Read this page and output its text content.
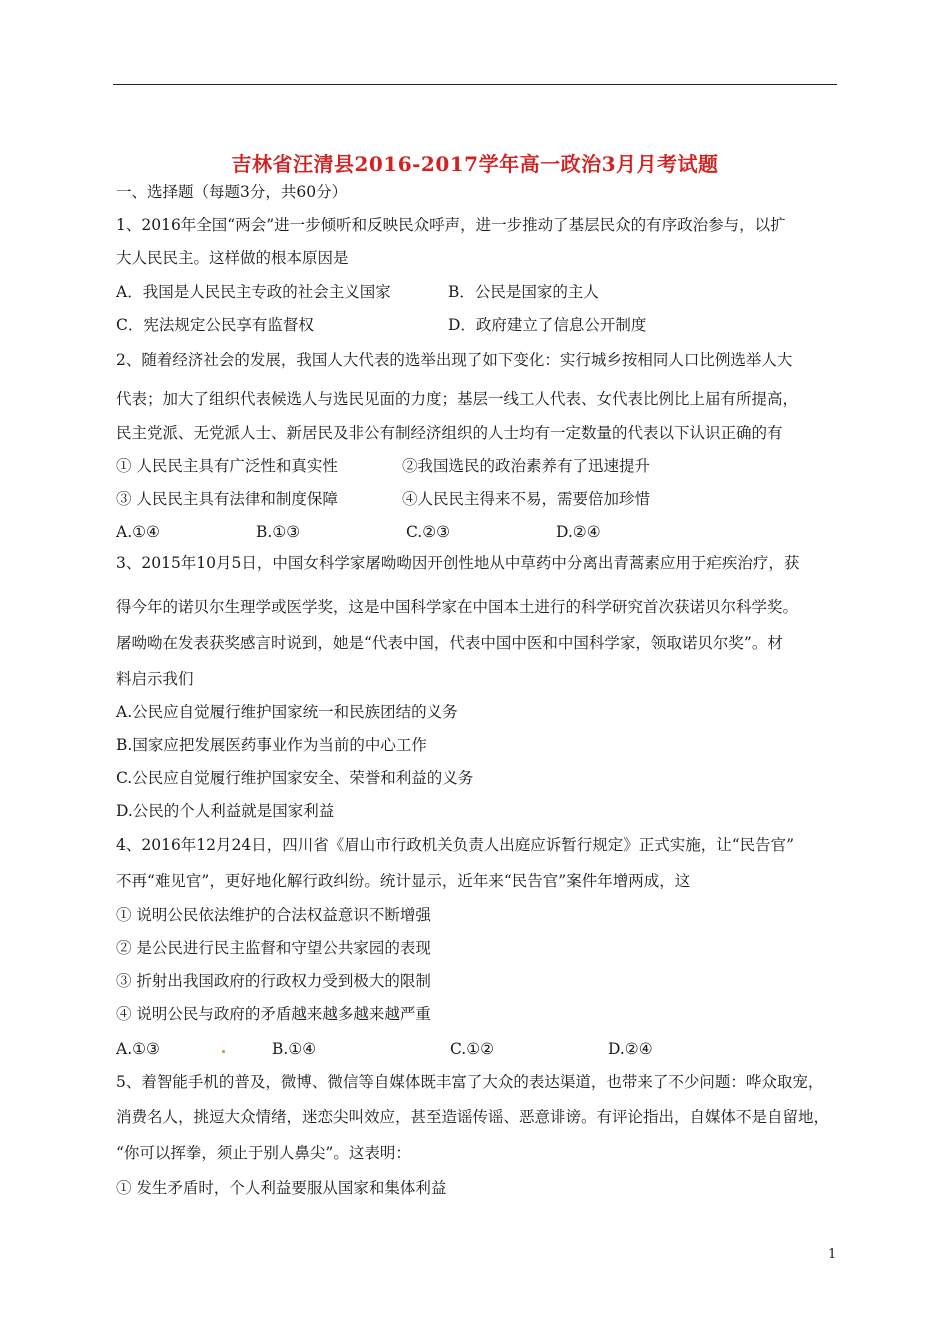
吉林省汪清县2016-2017学年高一政治3月月考试题
一、选择题（每题3分，共60分）
1、2016年全国“两会”进一步倾听和反映民众呼声，进一步推动了基层民众的有序政治参与，以扩
大人民民主。这样做的根本原因是
A．我国是人民民主专政的社会主义国家	B．公民是国家的主人
C．宪法规定公民享有监督权	D．政府建立了信息公开制度
2、随着经济社会的发展，我国人大代表的选举出现了如下变化：实行城乡按相同人口比例选举人大
代表；加大了组织代表候选人与选民见面的力度；基层一线工人代表、女代表比例比上届有所提高，
民主党派、无党派人士、新居民及非公有制经济组织的人士均有一定数量的代表以下认识正确的有
① 人民民主具有广泛性和真实性	②我国选民的政治素养有了迅速提升
③ 人民民主具有法律和制度保障	④人民民主得来不易，需要倍加珍惜
A.①④	B.①③	C.②③	D.②④
3、2015年10月5日，中国女科学家屠呦呦因开创性地从中草药中分离出青蒿素应用于疟疾治疗，获
得今年的诺贝尔生理学或医学奖，这是中国科学家在中国本土进行的科学研究首次获诺贝尔科学奖。
屠呦呦在发表获奖感言时说到，她是“代表中国，代表中国中医和中国科学家，领取诺贝尔奖”。材
料启示我们
A.公民应自觉履行维护国家统一和民族团结的义务
B.国家应把发展医药事业作为当前的中心工作
C.公民应自觉履行维护国家安全、荣誉和利益的义务
D.公民的个人利益就是国家利益
4、2016年12月24日，四川省《眉山市行政机关负责人出庭应诉暂行规定》正式实施，让“民告官”
不再“难见官”，更好地化解行政纠纷。统计显示，近年来“民告官”案件年增两成，这
① 说明公民依法维护的合法权益意识不断增强
② 是公民进行民主监督和守望公共家园的表现
③ 折射出我国政府的行政权力受到极大的限制
④ 说明公民与政府的矛盾越来越多越来越严重
A.①③	B.①④	C.①②	D.②④
5、着智能手机的普及，微博、微信等自媒体既丰富了大众的表达渠道，也带来了不少问题：哗众取宠，
消费名人，挑逗大众情绪，迷恋尖叫效应，甚至造谣传谣、恶意诽谤。有评论指出，自媒体不是自留地，
“你可以挥拳，须止于别人鼻尖”。这表明：
① 发生矛盾时，个人利益要服从国家和集体利益
1
